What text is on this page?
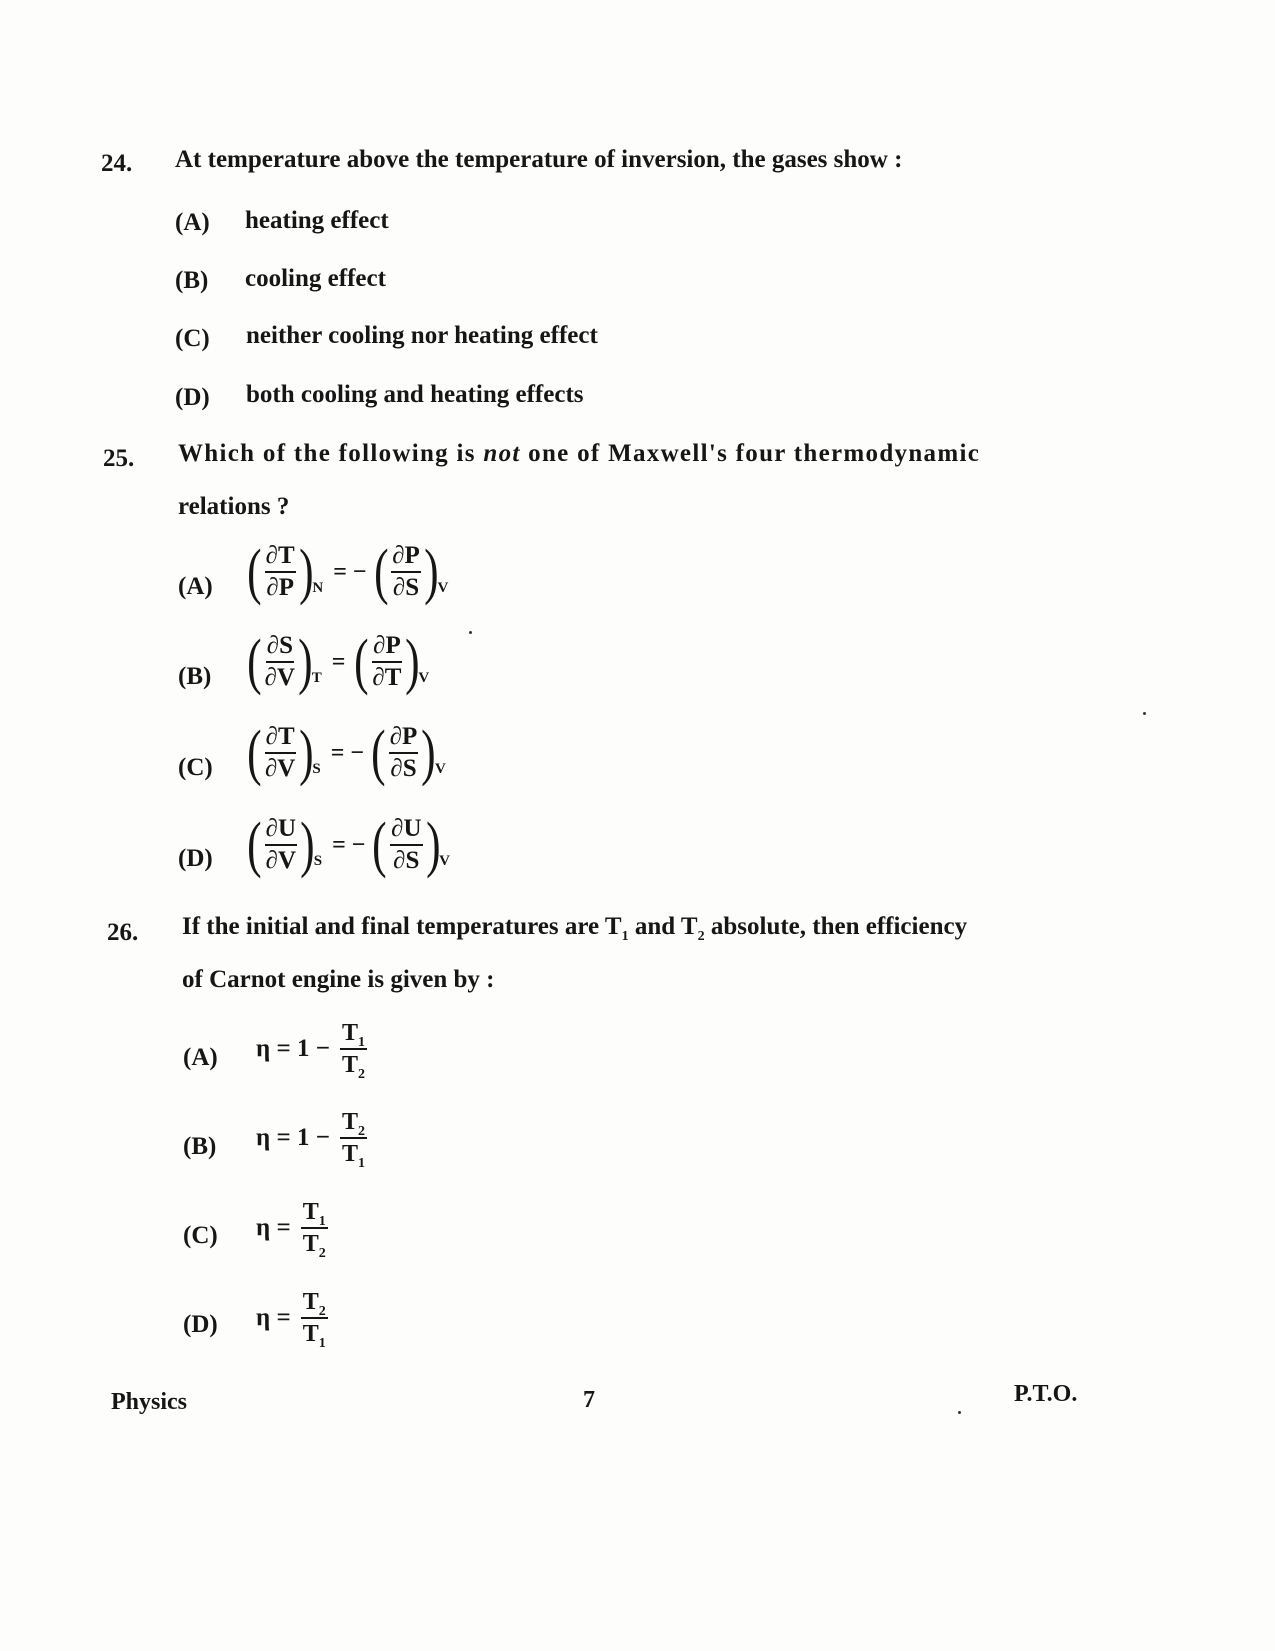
24. At temperature above the temperature of inversion, the gases show :
(A) heating effect
(B) cooling effect
(C) neither cooling nor heating effect
(D) both cooling and heating effects
25. Which of the following is not one of Maxwell's four thermodynamic
relations ?
(A) ( $\frac{\partial T}{\partial P}$ ) N
= − ( $\frac{\partial P}{\partial S}$ ) V
(B) ( $\frac{\partial S}{\partial V}$ ) T
= ( $\frac{\partial P}{\partial T}$ ) V
(C) ( $\frac{\partial T}{\partial V}$ ) S
= − ( $\frac{\partial P}{\partial S}$ ) V
(D) ( $\frac{\partial U}{\partial V}$ ) S
= − ( $\frac{\partial U}{\partial S}$ ) V
26. If the initial and final temperatures are $T_1$ and $T_2$ absolute, then efficiency
of Carnot engine is given by :
(A) $\eta = 1 - \frac{T_1}{T_2}$
(B) $\eta = 1 - \frac{T_2}{T_1}$
(C) $\eta = \frac{T_1}{T_2}$
(D) $\eta = \frac{T_2}{T_1}$
Physics	7	P.T.O.
